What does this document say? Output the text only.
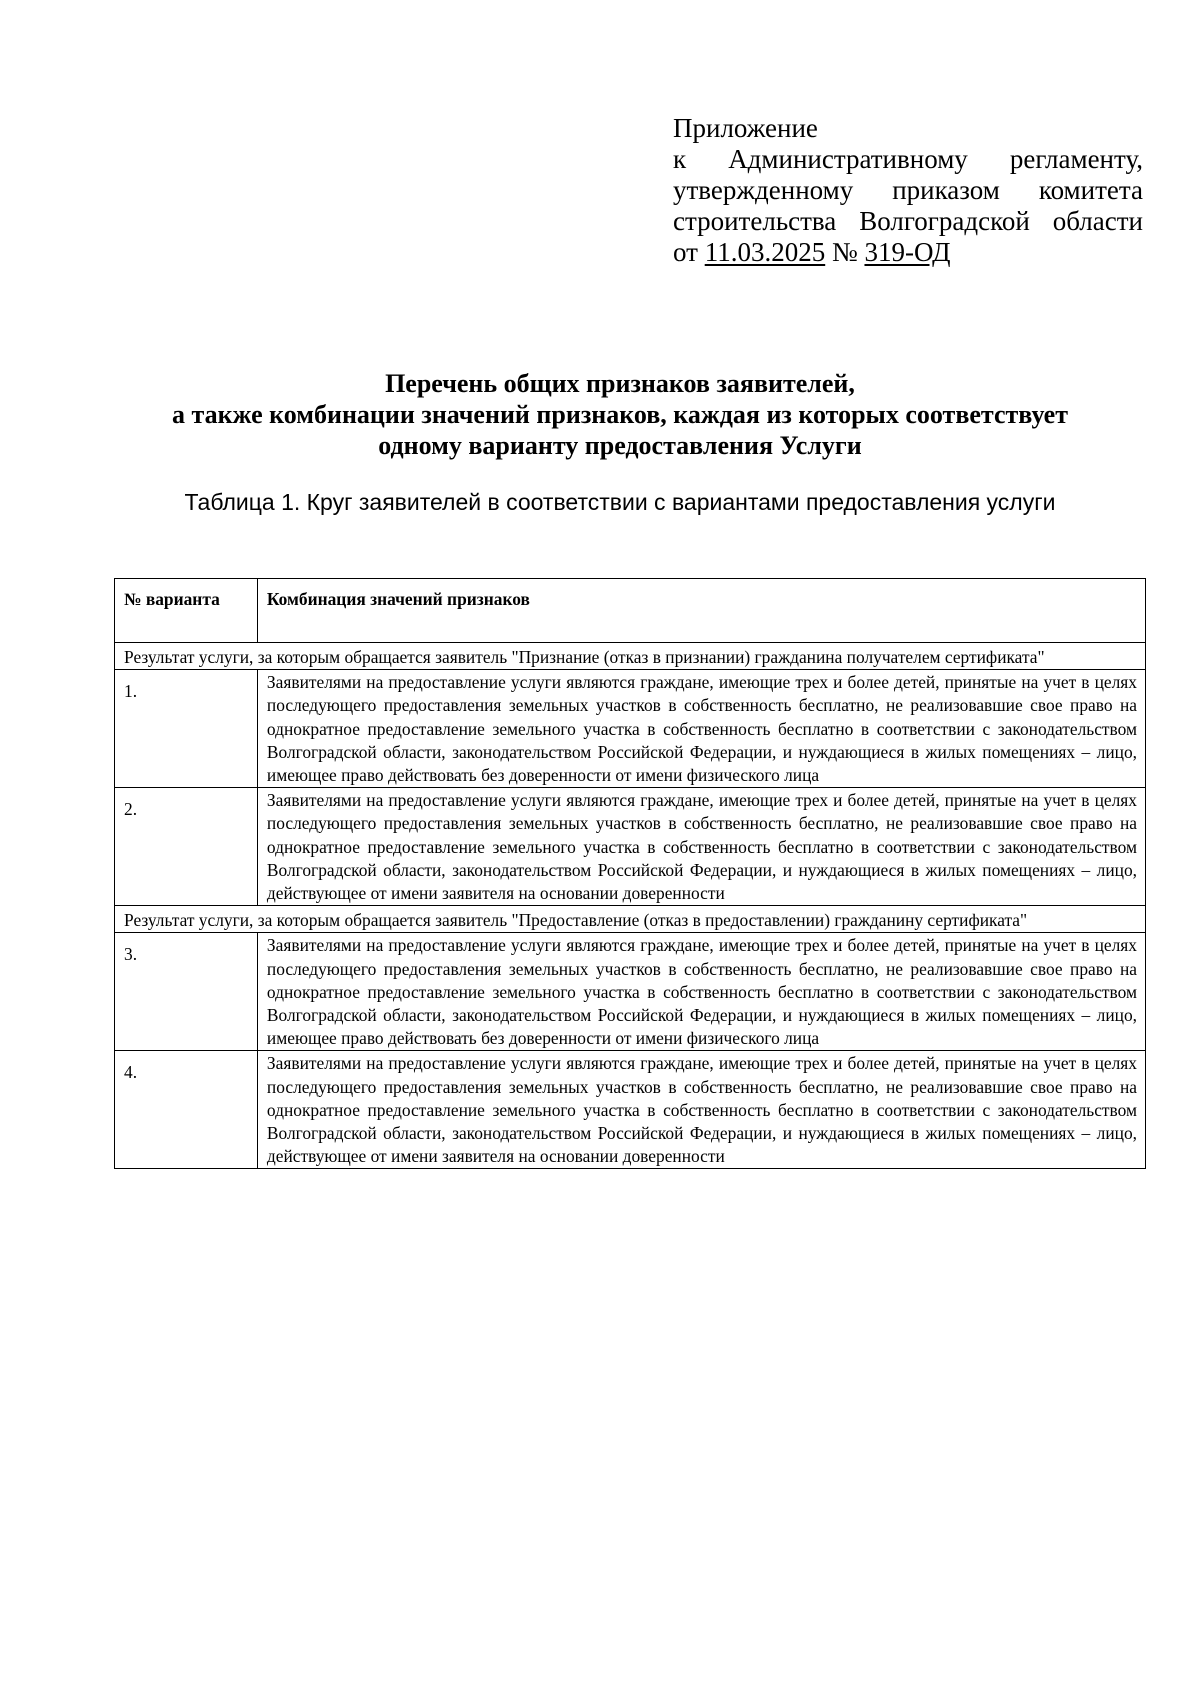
Приложение
к Административному регламенту,
утвержденному приказом комитета
строительства Волгоградской области
от 11.03.2025 № 319-ОД
Перечень общих признаков заявителей,
а также комбинации значений признаков, каждая из которых соответствует
одному варианту предоставления Услуги
Таблица 1. Круг заявителей в соответствии с вариантами предоставления услуги
№ варианта	Комбинация значений признаков
Результат услуги, за которым обращается заявитель "Признание (отказ в признании) гражданина получателем сертификата"	
1.	Заявителями на предоставление услуги являются граждане, имеющие трех и более детей, принятые на учет в целях последующего предоставления земельных участков в собственность бесплатно, не реализовавшие свое право на однократное предоставление земельного участка в собственность бесплатно в соответствии с законодательством Волгоградской области, законодательством Российской Федерации, и нуждающиеся в жилых помещениях – лицо, имеющее право действовать без доверенности от имени физического лица
2.	Заявителями на предоставление услуги являются граждане, имеющие трех и более детей, принятые на учет в целях последующего предоставления земельных участков в собственность бесплатно, не реализовавшие свое право на однократное предоставление земельного участка в собственность бесплатно в соответствии с законодательством Волгоградской области, законодательством Российской Федерации, и нуждающиеся в жилых помещениях – лицо, действующее от имени заявителя на основании доверенности
Результат услуги, за которым обращается заявитель "Предоставление (отказ в предоставлении) гражданину сертификата"	
3.	Заявителями на предоставление услуги являются граждане, имеющие трех и более детей, принятые на учет в целях последующего предоставления земельных участков в собственность бесплатно, не реализовавшие свое право на однократное предоставление земельного участка в собственность бесплатно в соответствии с законодательством Волгоградской области, законодательством Российской Федерации, и нуждающиеся в жилых помещениях – лицо, имеющее право действовать без доверенности от имени физического лица
4.	Заявителями на предоставление услуги являются граждане, имеющие трех и более детей, принятые на учет в целях последующего предоставления земельных участков в собственность бесплатно, не реализовавшие свое право на однократное предоставление земельного участка в собственность бесплатно в соответствии с законодательством Волгоградской области, законодательством Российской Федерации, и нуждающиеся в жилых помещениях – лицо, действующее от имени заявителя на основании доверенности
